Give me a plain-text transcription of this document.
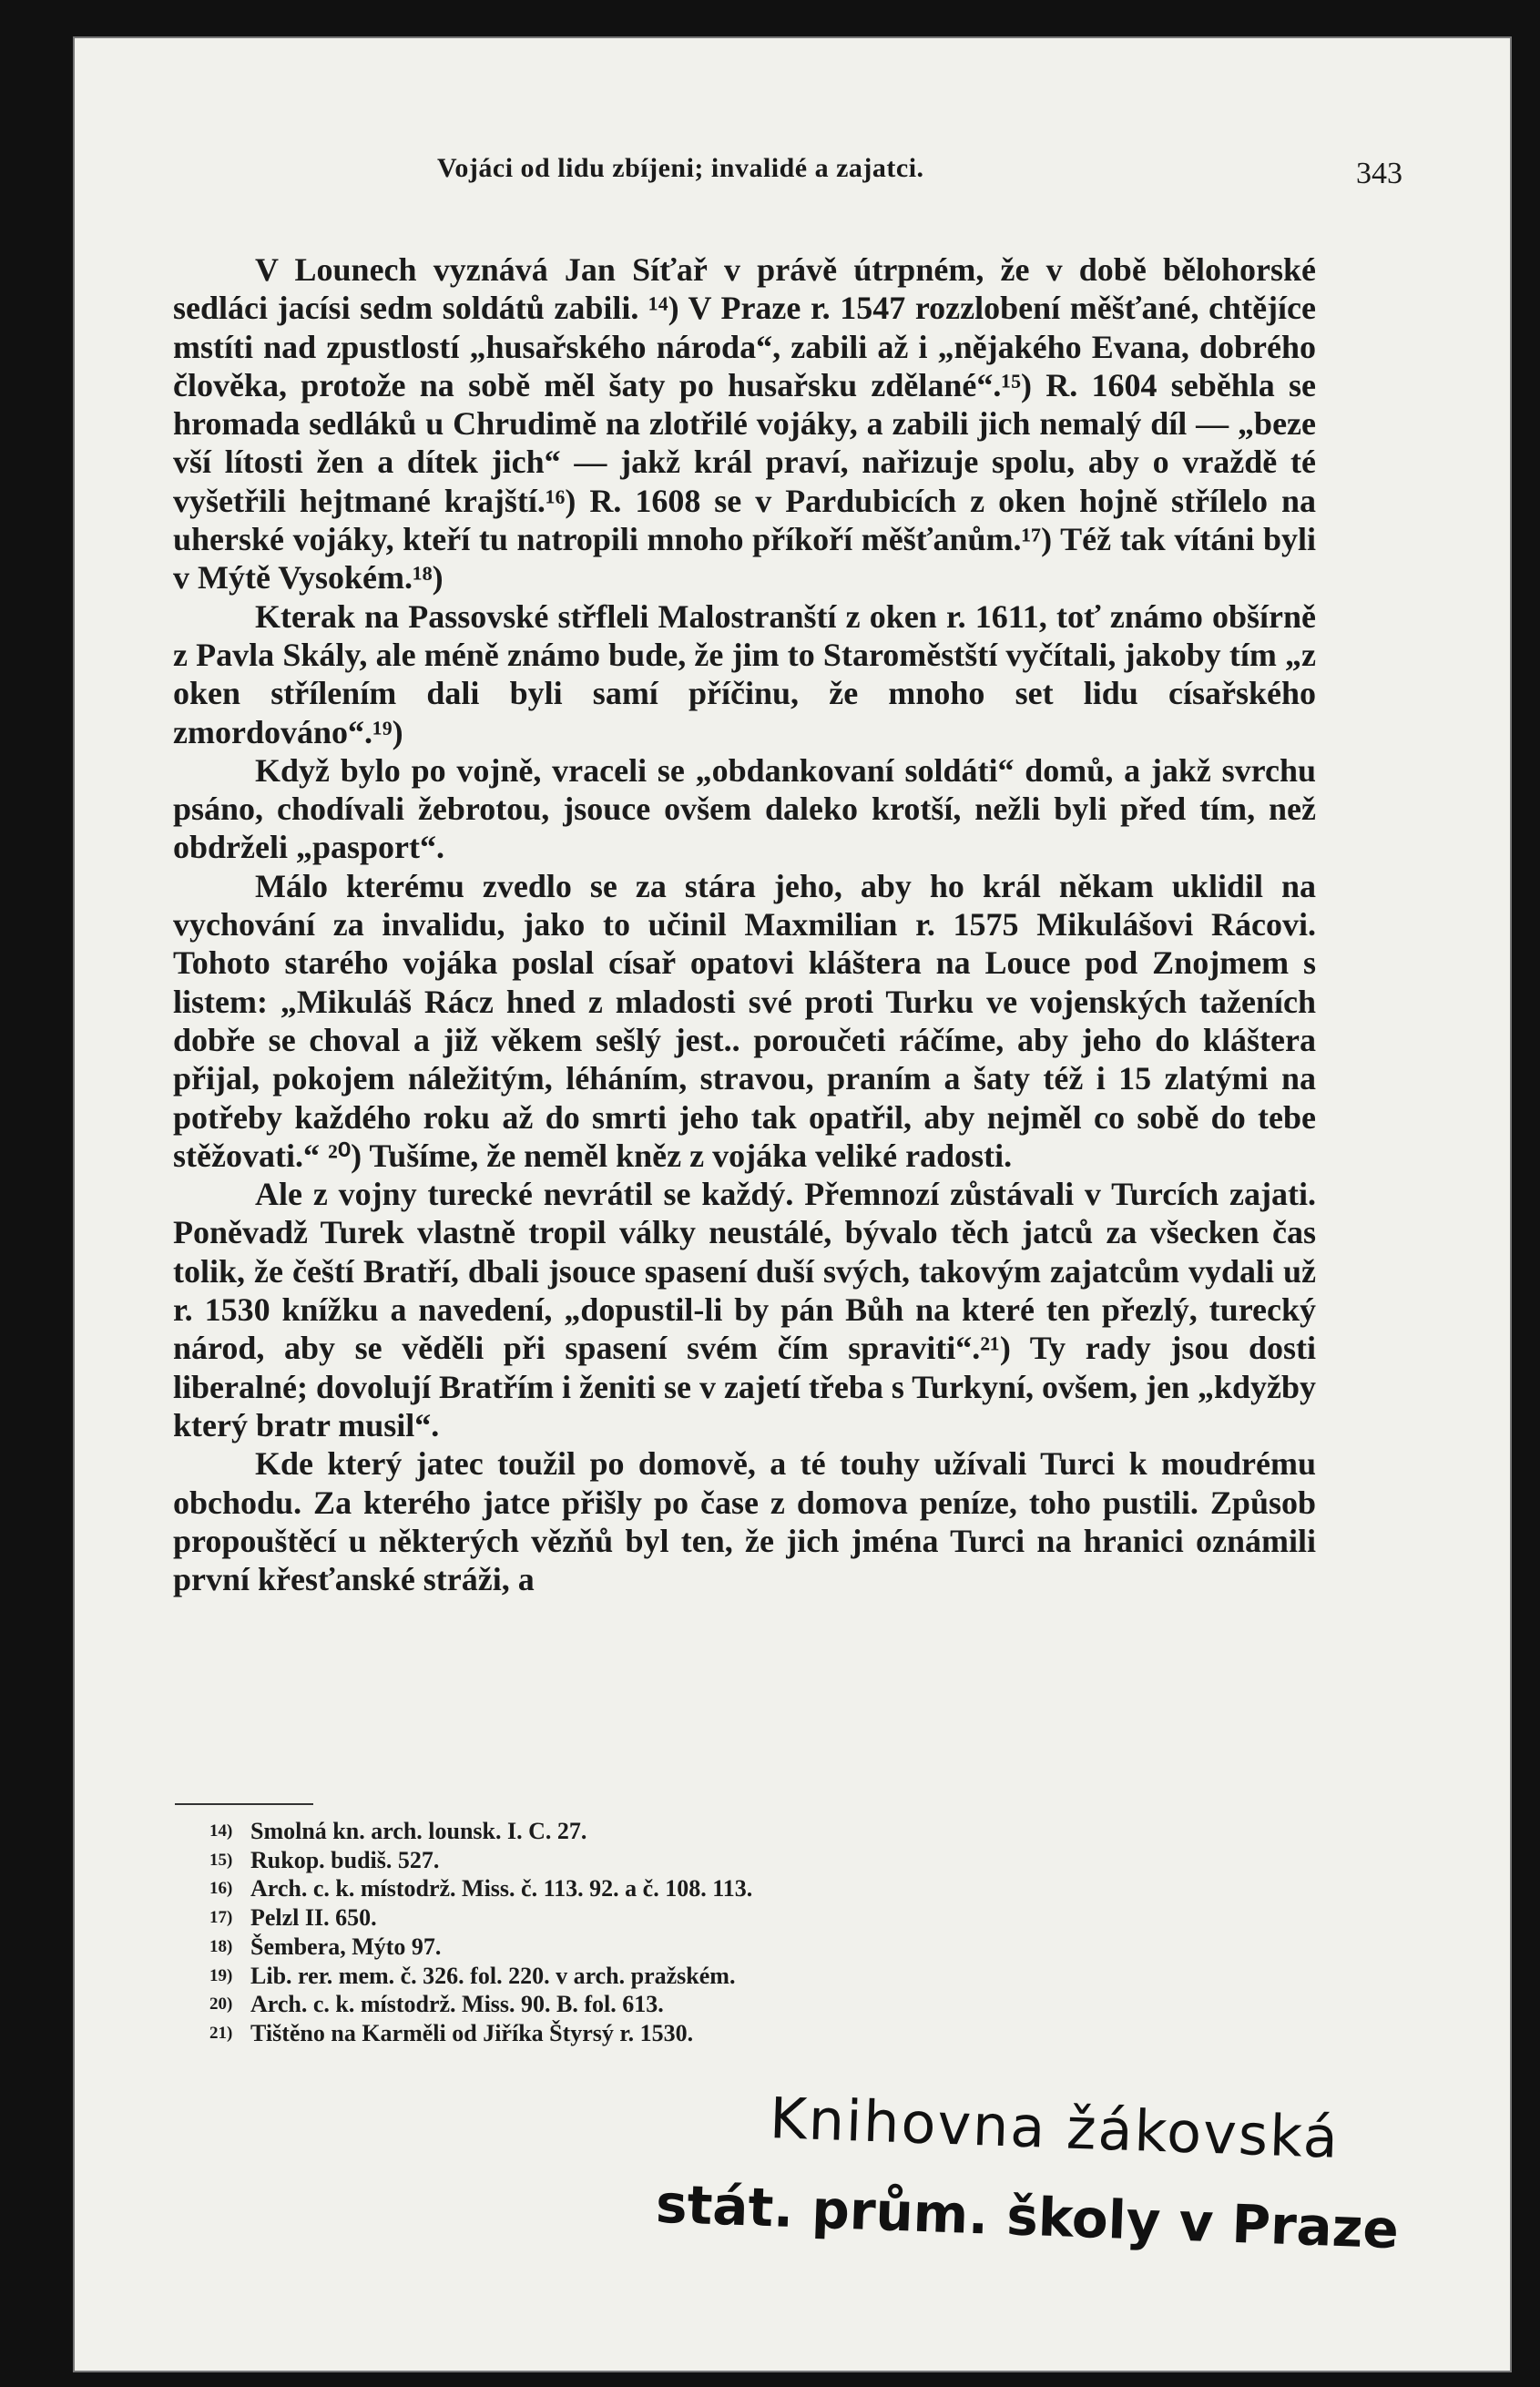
Vojáci od lidu zbíjeni; invalidé a zajatci.	343

V Lounech vyznává Jan Síťař v právě útrpném, že v době bělohorské sedláci jacísi sedm soldátů zabili. ¹⁴) V Praze r. 1547 rozzlobení měšťané, chtějíce mstíti nad zpustlostí „husařského národa“, zabili až i „nějakého Evana, dobrého člověka, protože na sobě měl šaty po husařsku zdělané“.¹⁵) R. 1604 seběhla se hromada sedláků u Chrudimě na zlotřilé vojáky, a zabili jich nemalý díl — „beze vší lítosti žen a dítek jich“ — jakž král praví, nařizuje spolu, aby o vraždě té vyšetřili hejtmané krajští.¹⁶) R. 1608 se v Pardubicích z oken hojně střílelo na uherské vojáky, kteří tu natropili mnoho příkoří měšťanům.¹⁷) Též tak vítáni byli v Mýtě Vysokém.¹⁸)

Kterak na Passovské střfleli Malostranští z oken r. 1611, toť známo obšírně z Pavla Skály, ale méně známo bude, že jim to Staroměstští vyčítali, jakoby tím „z oken střílením dali byli samí příčinu, že mnoho set lidu císařského zmordováno“.¹⁹)

Když bylo po vojně, vraceli se „obdankovaní soldáti“ domů, a jakž svrchu psáno, chodívali žebrotou, jsouce ovšem daleko krotší, nežli byli před tím, než obdrželi „pasport“.

Málo kterému zvedlo se za stára jeho, aby ho král někam uklidil na vychování za invalidu, jako to učinil Maxmilian r. 1575 Mikulášovi Rácovi. Tohoto starého vojáka poslal císař opatovi kláštera na Louce pod Znojmem s listem: „Mikuláš Rácz hned z mladosti své proti Turku ve vojenských taženích dobře se choval a již věkem sešlý jest.. poroučeti ráčíme, aby jeho do kláštera přijal, pokojem náležitým, léháním, stravou, praním a šaty též i 15 zlatými na potřeby každého roku až do smrti jeho tak opatřil, aby nejměl co sobě do tebe stěžovati.“ ²⁰) Tušíme, že neměl kněz z vojáka veliké radosti.

Ale z vojny turecké nevrátil se každý. Přemnozí zůstávali v Turcích zajati. Poněvadž Turek vlastně tropil války neustálé, bývalo těch jatců za všecken čas tolik, že čeští Bratří, dbali jsouce spasení duší svých, takovým zajatcům vydali už r. 1530 knížku a navedení, „dopustil-li by pán Bůh na které ten přezlý, turecký národ, aby se věděli při spasení svém čím spraviti“.²¹) Ty rady jsou dosti liberalné; dovolují Bratřím i ženiti se v zajetí třeba s Turkyní, ovšem, jen „kdyžby který bratr musil“.

Kde který jatec toužil po domově, a té touhy užívali Turci k moudrému obchodu. Za kterého jatce přišly po čase z domova peníze, toho pustili. Způsob propouštěcí u některých vězňů byl ten, že jich jména Turci na hranici oznámili první křesťanské stráži, a

14) Smolná kn. arch. lounsk. I. C. 27.
15) Rukop. budiš. 527.
16) Arch. c. k. místodrž. Miss. č. 113. 92. a č. 108. 113.
17) Pelzl II. 650.
18) Šembera, Mýto 97.
19) Lib. rer. mem. č. 326. fol. 220. v arch. pražském.
20) Arch. c. k. místodrž. Miss. 90. B. fol. 613.
21) Tištěno na Karměli od Jiříka Štyrsý r. 1530.
Knihovna žákovská
stát. prům. školy v Praze
